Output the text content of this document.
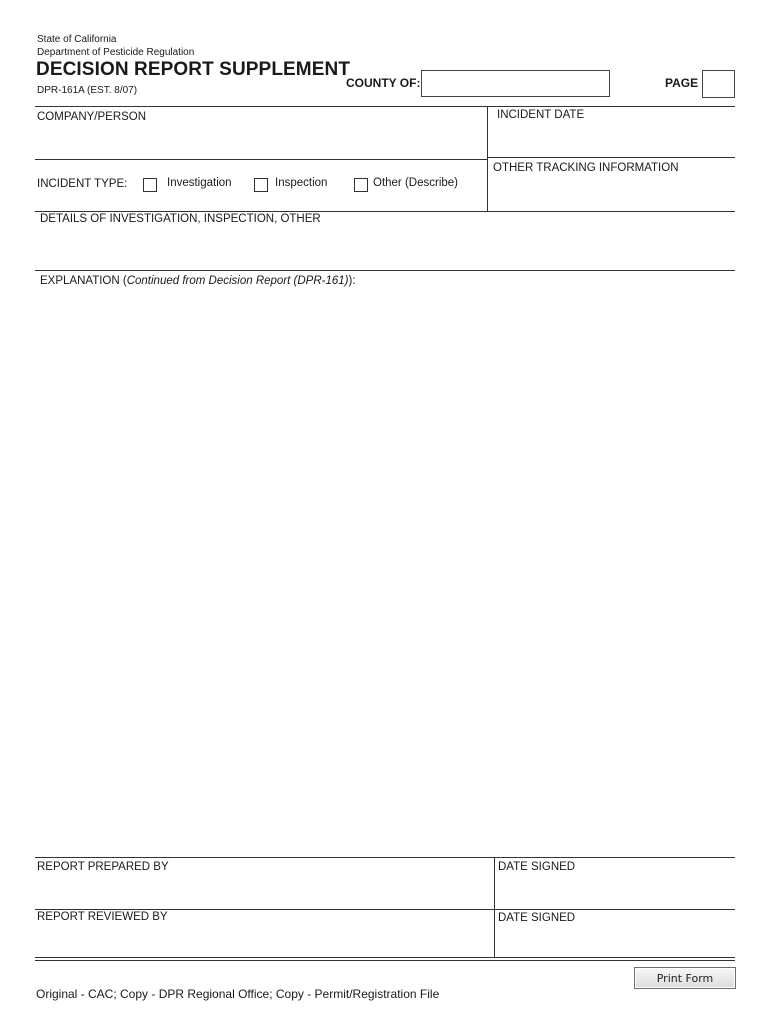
State of California
Department of Pesticide Regulation
DECISION REPORT SUPPLEMENT
DPR-161A (EST. 8/07)
COUNTY OF:	PAGE
COMPANY/PERSON	INCIDENT DATE
OTHER TRACKING INFORMATION
INCIDENT TYPE:	Investigation	Inspection	Other (Describe)
DETAILS OF INVESTIGATION, INSPECTION, OTHER
EXPLANATION (Continued from Decision Report (DPR-161)):
REPORT PREPARED BY	DATE SIGNED
REPORT REVIEWED BY	DATE SIGNED
Print Form
Original - CAC; Copy - DPR Regional Office; Copy - Permit/Registration File
